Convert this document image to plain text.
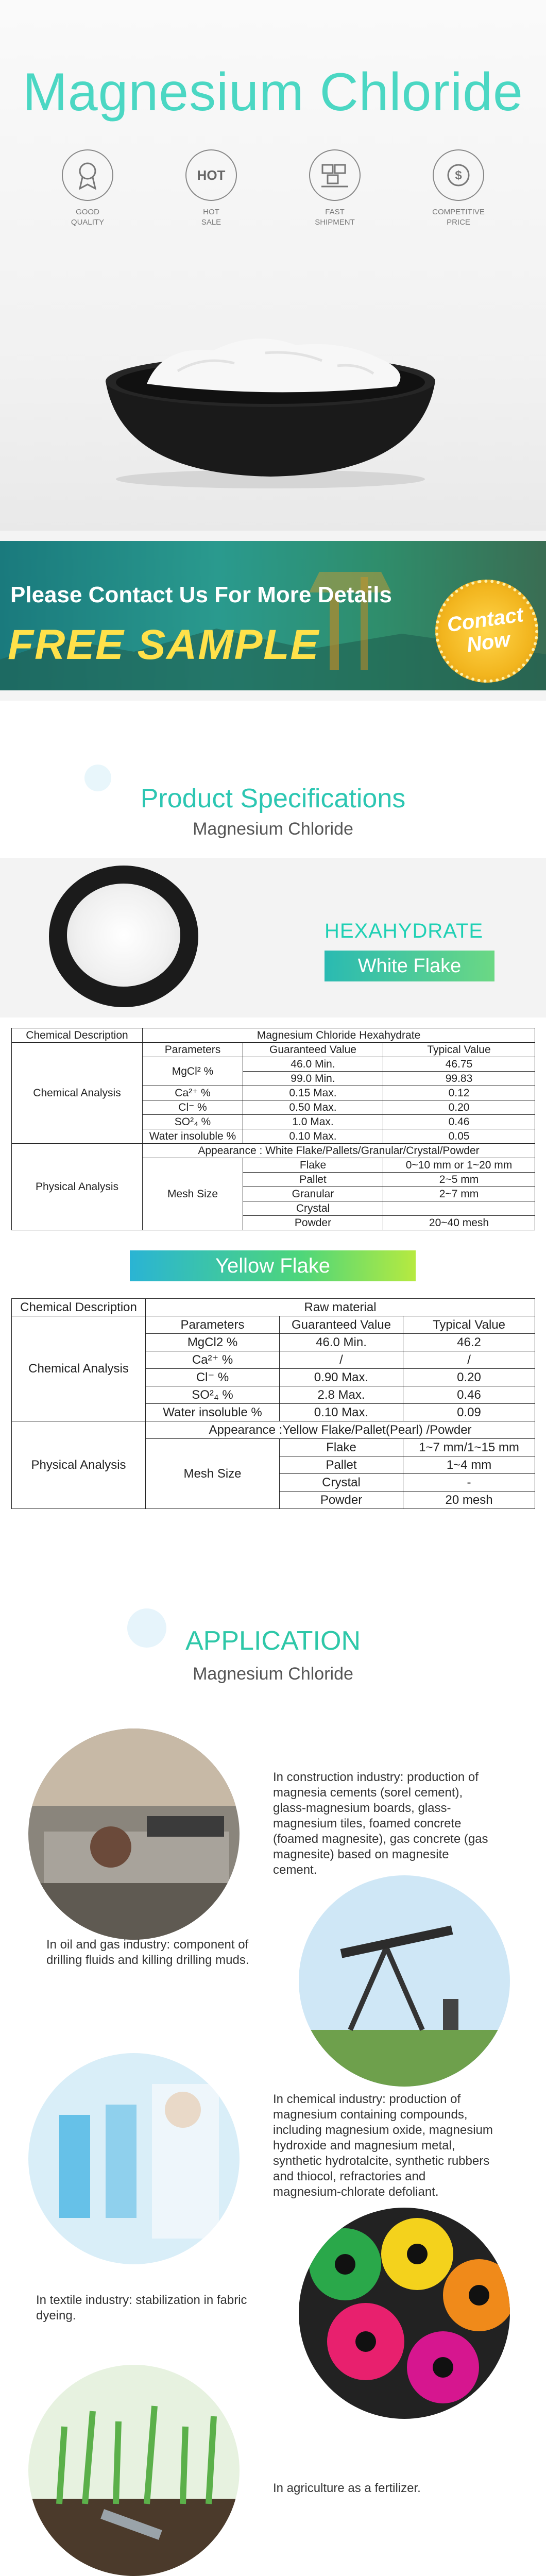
Magnesium Chloride
GOOD
QUALITY
HOT
HOT
SALE
FAST
SHIPMENT
$
COMPETITIVE
PRICE
Please Contact Us For More Details
FREE SAMPLE
Contact Now
Product Specifications
Magnesium Chloride
HEXAHYDRATE
White Flake
Chemical Description	Magnesium Chloride Hexahydrate		
Chemical Analysis	Parameters	Guaranteed Value	Typical Value
	MgCl² %	46.0 Min.	46.75
		99.0 Min.	99.83
	Ca²⁺ %	0.15 Max.	0.12
	Cl⁻ %	0.50 Max.	0.20
	SO²₄ %	1.0 Max.	0.46
	Water insoluble %	0.10 Max.	0.05
Physical Analysis	Appearance : White Flake/Pallets/Granular/Crystal/Powder		
	Mesh Size	Flake	0~10 mm or 1~20 mm
		Pallet	2~5 mm
		Granular	2~7 mm
		Crystal	
		Powder	20~40 mesh
Yellow Flake
Chemical Description	Raw material		
Chemical Analysis	Parameters	Guaranteed Value	Typical Value
	MgCl2 %	46.0 Min.	46.2
	Ca²⁺ %	/	/
	Cl⁻ %	0.90 Max.	0.20
	SO²₄ %	2.8 Max.	0.46
	Water insoluble %	0.10 Max.	0.09
Physical Analysis	Appearance :Yellow Flake/Pallet(Pearl) /Powder		
	Mesh Size	Flake	1~7 mm/1~15 mm
		Pallet	1~4 mm
		Crystal	-
		Powder	20 mesh
APPLICATION
Magnesium Chloride
In construction industry: production of magnesia cements (sorel cement), glass-magnesium boards, glass-magnesium tiles, foamed concrete (foamed magnesite), gas concrete (gas magnesite) based on magnesite cement.
In oil and gas industry: component of drilling fluids and killing drilling muds.
In chemical industry: production of magnesium containing compounds, including magnesium oxide, magnesium hydroxide and magnesium metal, synthetic hydrotalcite, synthetic rubbers and thiocol, refractories and magnesium-chlorate defoliant.
In textile industry: stabilization in fabric dyeing.
In agriculture as a fertilizer.
